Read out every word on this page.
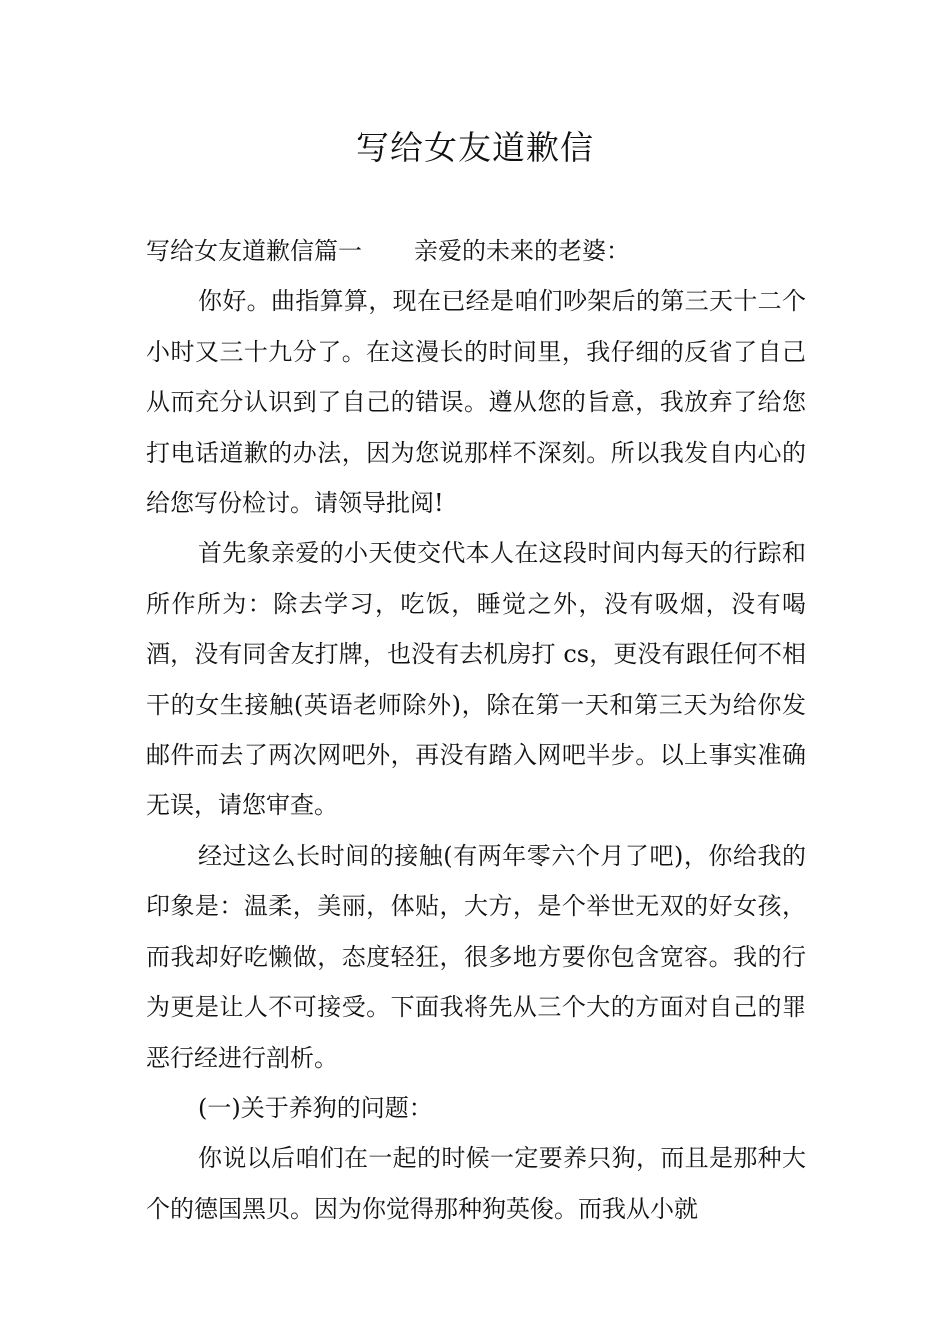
写给女友道歉信

写给女友道歉信篇一 亲爱的未来的老婆：

你好。曲指算算，现在已经是咱们吵架后的第三天十二个小时又三十九分了。在这漫长的时间里，我仔细的反省了自己从而充分认识到了自己的错误。遵从您的旨意，我放弃了给您打电话道歉的办法，因为您说那样不深刻。所以我发自内心的给您写份检讨。请领导批阅!

首先象亲爱的小天使交代本人在这段时间内每天的行踪和所作所为：除去学习，吃饭，睡觉之外，没有吸烟，没有喝酒，没有同舍友打牌，也没有去机房打 cs，更没有跟任何不相干的女生接触(英语老师除外)，除在第一天和第三天为给你发邮件而去了两次网吧外，再没有踏入网吧半步。以上事实准确无误，请您审查。

经过这么长时间的接触(有两年零六个月了吧)，你给我的印象是：温柔，美丽，体贴，大方，是个举世无双的好女孩，而我却好吃懒做，态度轻狂，很多地方要你包含宽容。我的行为更是让人不可接受。下面我将先从三个大的方面对自己的罪恶行经进行剖析。

(一)关于养狗的问题：

你说以后咱们在一起的时候一定要养只狗，而且是那种大个的德国黑贝。因为你觉得那种狗英俊。而我从小就
